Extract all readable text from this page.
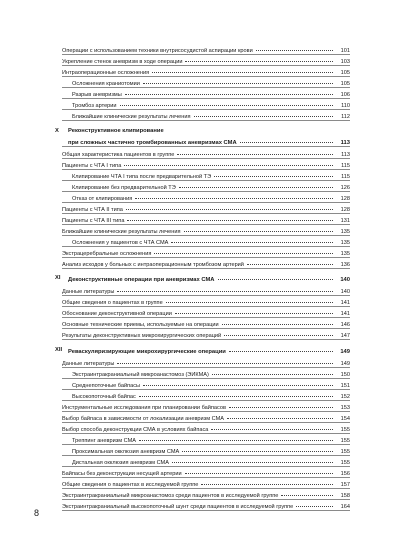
8
Операции с использованием техники внутрисосудистой аспирации крови	101
Укрепление стенок аневризм в ходе операции	103
Интраоперационные осложнения	105
Осложнения краниотомии	105
Разрыв аневризмы	106
Тромбоз артерии	110
Ближайшие клинические результаты лечения	112
X Реконструктивное клипирование
при сложных частично тромбированных аневризмах СМА	113
Общая характеристика пациентов в группе	113
Пациенты с ЧТА I типа	115
Клипирование ЧТА I типа после предварительной ТЭ	115
Клипирование без предварительной ТЭ	126
Отказ от клипирования	128
Пациенты с ЧТА II типа	128
Пациенты с ЧТА III типа	131
Ближайшие клинические результаты лечения	135
Осложнения у пациентов с ЧТА СМА	135
Экстрацеребральные осложнения	135
Анализ исходов у больных с интраоперационным тромбозом артерий	136
XI Деконструктивные операции при аневризмах СМА	140
Данные литературы	140
Общие сведения о пациентах в группе	141
Обоснование деконструктивной операции	141
Основные технические приемы, используемые на операции	146
Результаты деконструктивных микрохирургических операций	147
XII Реваскуляризирующие микрохирургические операции	149
Данные литературы	149
Экстраинтракраниальный микроанастомоз (ЭИКМА)	150
Среднепоточные байпасы	151
Высокопоточный байпас	152
Инструментальные исследования при планировании байпасов	153
Выбор байпаса в зависимости от локализации аневризм СМА	154
Выбор способа деконструкции СМА в условиях байпаса	155
Треппинг аневризм СМА	155
Проксимальная окклюзия аневризм СМА	155
Дистальная окклюзия аневризм СМА	155
Байпасы без деконструкции несущей артерии	156
Общие сведения о пациентах в исследуемой группе	157
Экстраинтракраниальный микроанастомоз среди пациентов в исследуемой группе	158
Экстраинтракраниальный высокопоточный шунт среди пациентов в исследуемой группе	164
